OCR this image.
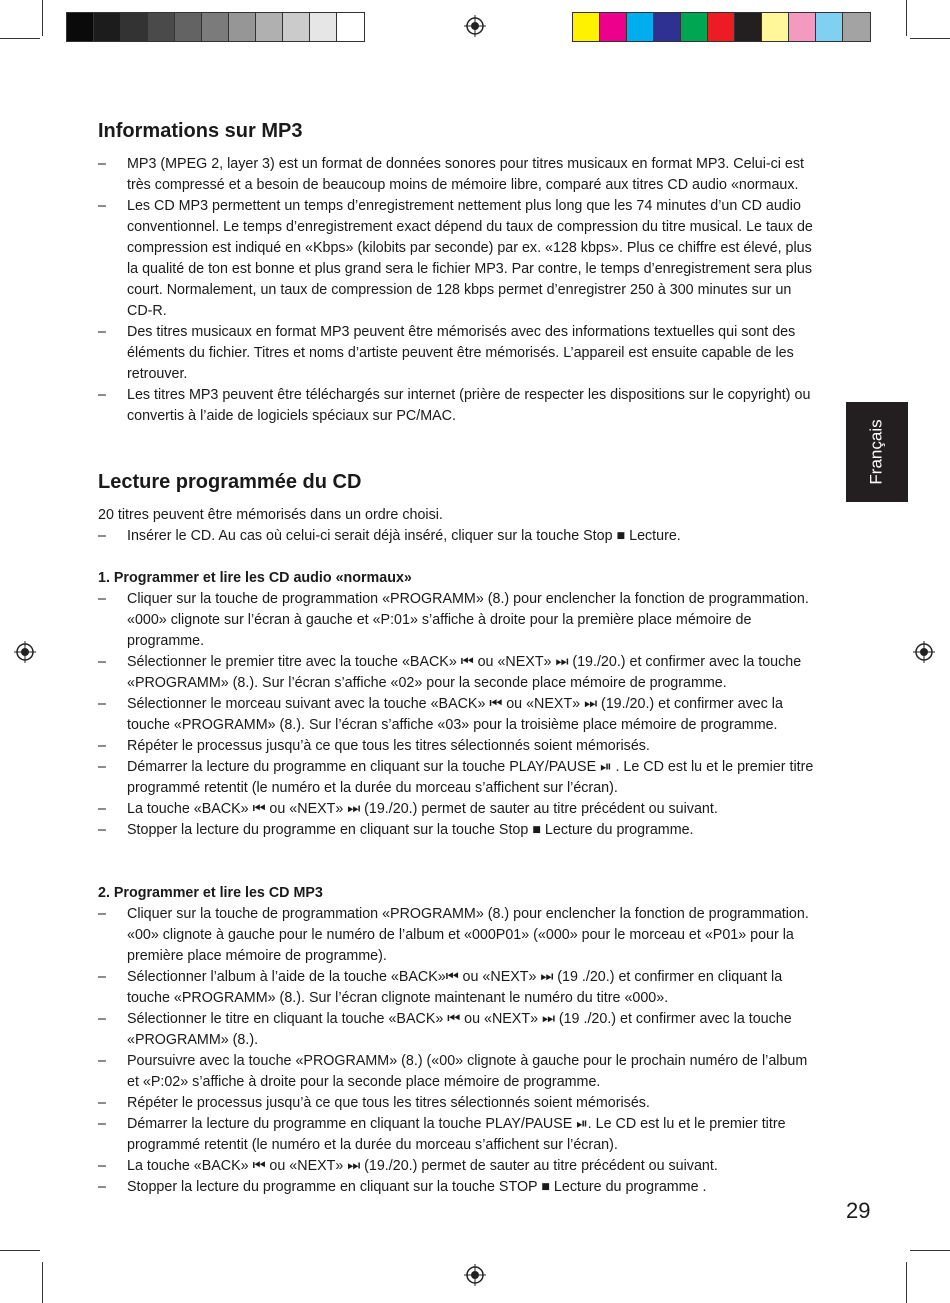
Informations sur MP3
– MP3 (MPEG 2, layer 3) est un format de données sonores pour titres musicaux en format MP3. Celui-ci est très compressé et a besoin de beaucoup moins de mémoire libre, comparé aux titres CD audio «normaux.
– Les CD MP3 permettent un temps d’enregistrement nettement plus long que les 74 minutes d’un CD audio conventionnel. Le temps d’enregistrement exact dépend du taux de compression du titre musical. Le taux de compression est indiqué en «Kbps» (kilobits par seconde) par ex. «128 kbps». Plus ce chiffre est élevé, plus la qualité de ton est bonne et plus grand sera le fichier MP3. Par contre, le temps d’enregistrement sera plus court. Normalement, un taux de compression de 128 kbps permet d’enregistrer 250 à 300 minutes sur un CD-R.
– Des titres musicaux en format MP3 peuvent être mémorisés avec des informations textuelles qui sont des éléments du fichier. Titres et noms d’artiste peuvent être mémorisés. L’appareil est ensuite capable de les retrouver.
– Les titres MP3 peuvent être téléchargés sur internet (prière de respecter les dispositions sur le copyright) ou convertis à l’aide de logiciels spéciaux sur PC/MAC.
Lecture programmée du CD

20 titres peuvent être mémorisés dans un ordre choisi.

– Insérer le CD. Au cas où celui-ci serait déjà inséré, cliquer sur la touche Stop ■ Lecture.

1. Programmer et lire les CD audio «normaux»

– Cliquer sur la touche de programmation «PROGRAMM» (8.) pour enclencher la fonction de programmation. «000» clignote sur l’écran à gauche et «P:01» s’affiche à droite pour la première place mémoire de programme.
– Sélectionner le premier titre avec la touche «BACK» ⏮ ou «NEXT» ⏭ (19./20.) et confirmer avec la touche «PROGRAMM» (8.). Sur l’écran s’affiche «02» pour la seconde place mémoire de programme.
– Sélectionner le morceau suivant avec la touche «BACK» ⏮ ou «NEXT» ⏭ (19./20.) et confirmer avec la touche «PROGRAMM» (8.). Sur l’écran s’affiche «03» pour la troisième place mémoire de programme.
– Répéter le processus jusqu’à ce que tous les titres sélectionnés soient mémorisés.
– Démarrer la lecture du programme en cliquant sur la touche PLAY/PAUSE ⏯ . Le CD est lu et le premier titre programmé retentit (le numéro et la durée du morceau s’affichent sur l’écran).
– La touche «BACK» ⏮ ou «NEXT» ⏭ (19./20.) permet de sauter au titre précédent ou suivant.
– Stopper la lecture du programme en cliquant sur la touche Stop ■ Lecture du programme.

2. Programmer et lire les CD MP3

– Cliquer sur la touche de programmation «PROGRAMM» (8.) pour enclencher la fonction de programmation. «00» clignote à gauche pour le numéro de l’album et «000P01» («000» pour le morceau et «P01» pour la première place mémoire de programme).
– Sélectionner l’album à l’aide de la touche «BACK»⏮ ou «NEXT» ⏭ (19 ./20.) et confirmer en cliquant la touche «PROGRAMM» (8.). Sur l’écran clignote maintenant le numéro du titre «000».
– Sélectionner le titre en cliquant la touche «BACK» ⏮ ou «NEXT» ⏭ (19 ./20.) et confirmer avec la touche «PROGRAMM» (8.).
– Poursuivre avec la touche «PROGRAMM» (8.) («00» clignote à gauche pour le prochain numéro de l’album et «P:02» s’affiche à droite pour la seconde place mémoire de programme.
– Répéter le processus jusqu’à ce que tous les titres sélectionnés soient mémorisés.
– Démarrer la lecture du programme en cliquant la touche PLAY/PAUSE ⏯. Le CD est lu et le premier titre programmé retentit (le numéro et la durée du morceau s’affichent sur l’écran).
– La touche «BACK» ⏮ ou «NEXT» ⏭ (19./20.) permet de sauter au titre précédent ou suivant.
– Stopper la lecture du programme en cliquant sur la touche STOP ■ Lecture du programme .
Français
29
